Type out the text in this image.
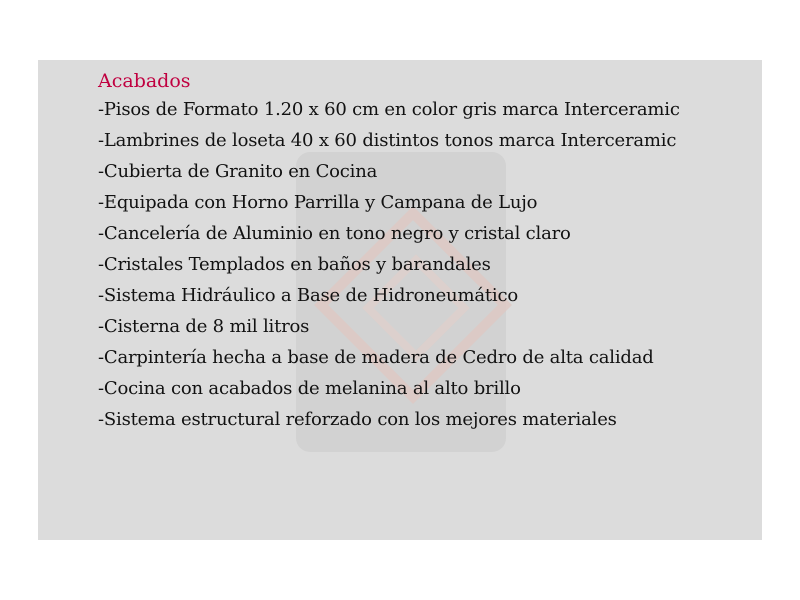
Acabados
-Pisos de Formato 1.20 x 60 cm en color gris marca Interceramic
-Lambrines de loseta 40 x 60 distintos tonos marca Interceramic
-Cubierta de Granito en Cocina
-Equipada con Horno Parrilla y Campana de Lujo
-Cancelería de Aluminio en tono negro y cristal claro
-Cristales Templados en baños y barandales
-Sistema Hidráulico a Base de Hidroneumático
-Cisterna de 8 mil litros
-Carpintería hecha a base de madera de Cedro de alta calidad
-Cocina con acabados de melanina al alto brillo
-Sistema estructural reforzado con los mejores materiales
